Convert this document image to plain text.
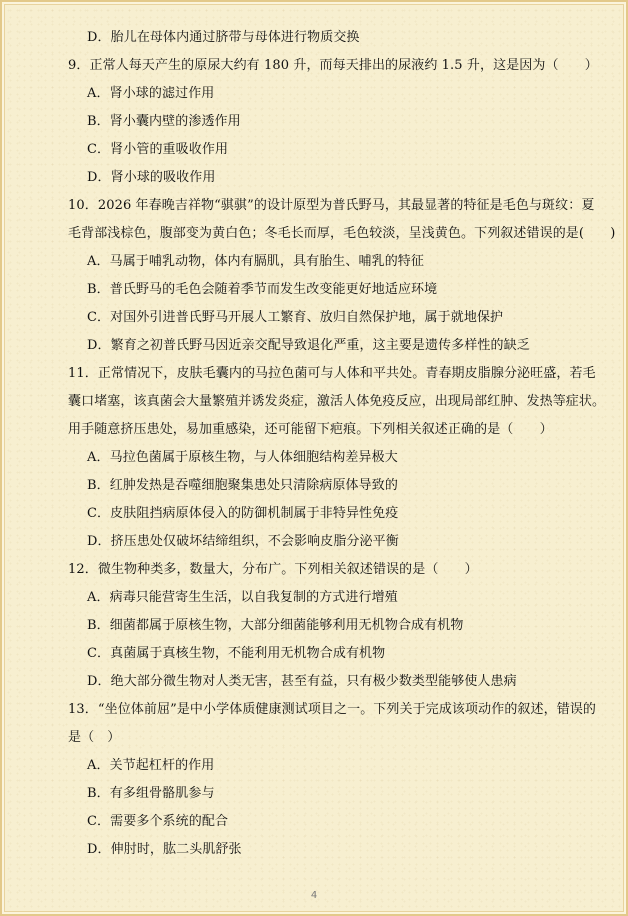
D．胎儿在母体内通过脐带与母体进行物质交换
9．正常人每天产生的原尿大约有 180 升，而每天排出的尿液约 1.5 升，这是因为（　　）
A．肾小球的滤过作用
B．肾小囊内壁的渗透作用
C．肾小管的重吸收作用
D．肾小球的吸收作用
10．2026 年春晚吉祥物“骐骐”的设计原型为普氏野马，其最显著的特征是毛色与斑纹：夏
毛背部浅棕色，腹部变为黄白色；冬毛长而厚，毛色较淡，呈浅黄色。下列叙述错误的是(　　)
A．马属于哺乳动物，体内有膈肌，具有胎生、哺乳的特征
B．普氏野马的毛色会随着季节而发生改变能更好地适应环境
C．对国外引进普氏野马开展人工繁育、放归自然保护地，属于就地保护
D．繁育之初普氏野马因近亲交配导致退化严重，这主要是遗传多样性的缺乏
11．正常情况下，皮肤毛囊内的马拉色菌可与人体和平共处。青春期皮脂腺分泌旺盛，若毛
囊口堵塞，该真菌会大量繁殖并诱发炎症，激活人体免疫反应，出现局部红肿、发热等症状。
用手随意挤压患处，易加重感染，还可能留下疤痕。下列相关叙述正确的是（　　）
A．马拉色菌属于原核生物，与人体细胞结构差异极大
B．红肿发热是吞噬细胞聚集患处只清除病原体导致的
C．皮肤阻挡病原体侵入的防御机制属于非特异性免疫
D．挤压患处仅破坏结缔组织，不会影响皮脂分泌平衡
12．微生物种类多，数量大，分布广。下列相关叙述错误的是（　　）
A．病毒只能营寄生生活，以自我复制的方式进行增殖
B．细菌都属于原核生物，大部分细菌能够利用无机物合成有机物
C．真菌属于真核生物，不能利用无机物合成有机物
D．绝大部分微生物对人类无害，甚至有益，只有极少数类型能够使人患病
13．“坐位体前屈”是中小学体质健康测试项目之一。下列关于完成该项动作的叙述，错误的
是（　）
A．关节起杠杆的作用
B．有多组骨骼肌参与
C．需要多个系统的配合
D．伸肘时，肱二头肌舒张
4
